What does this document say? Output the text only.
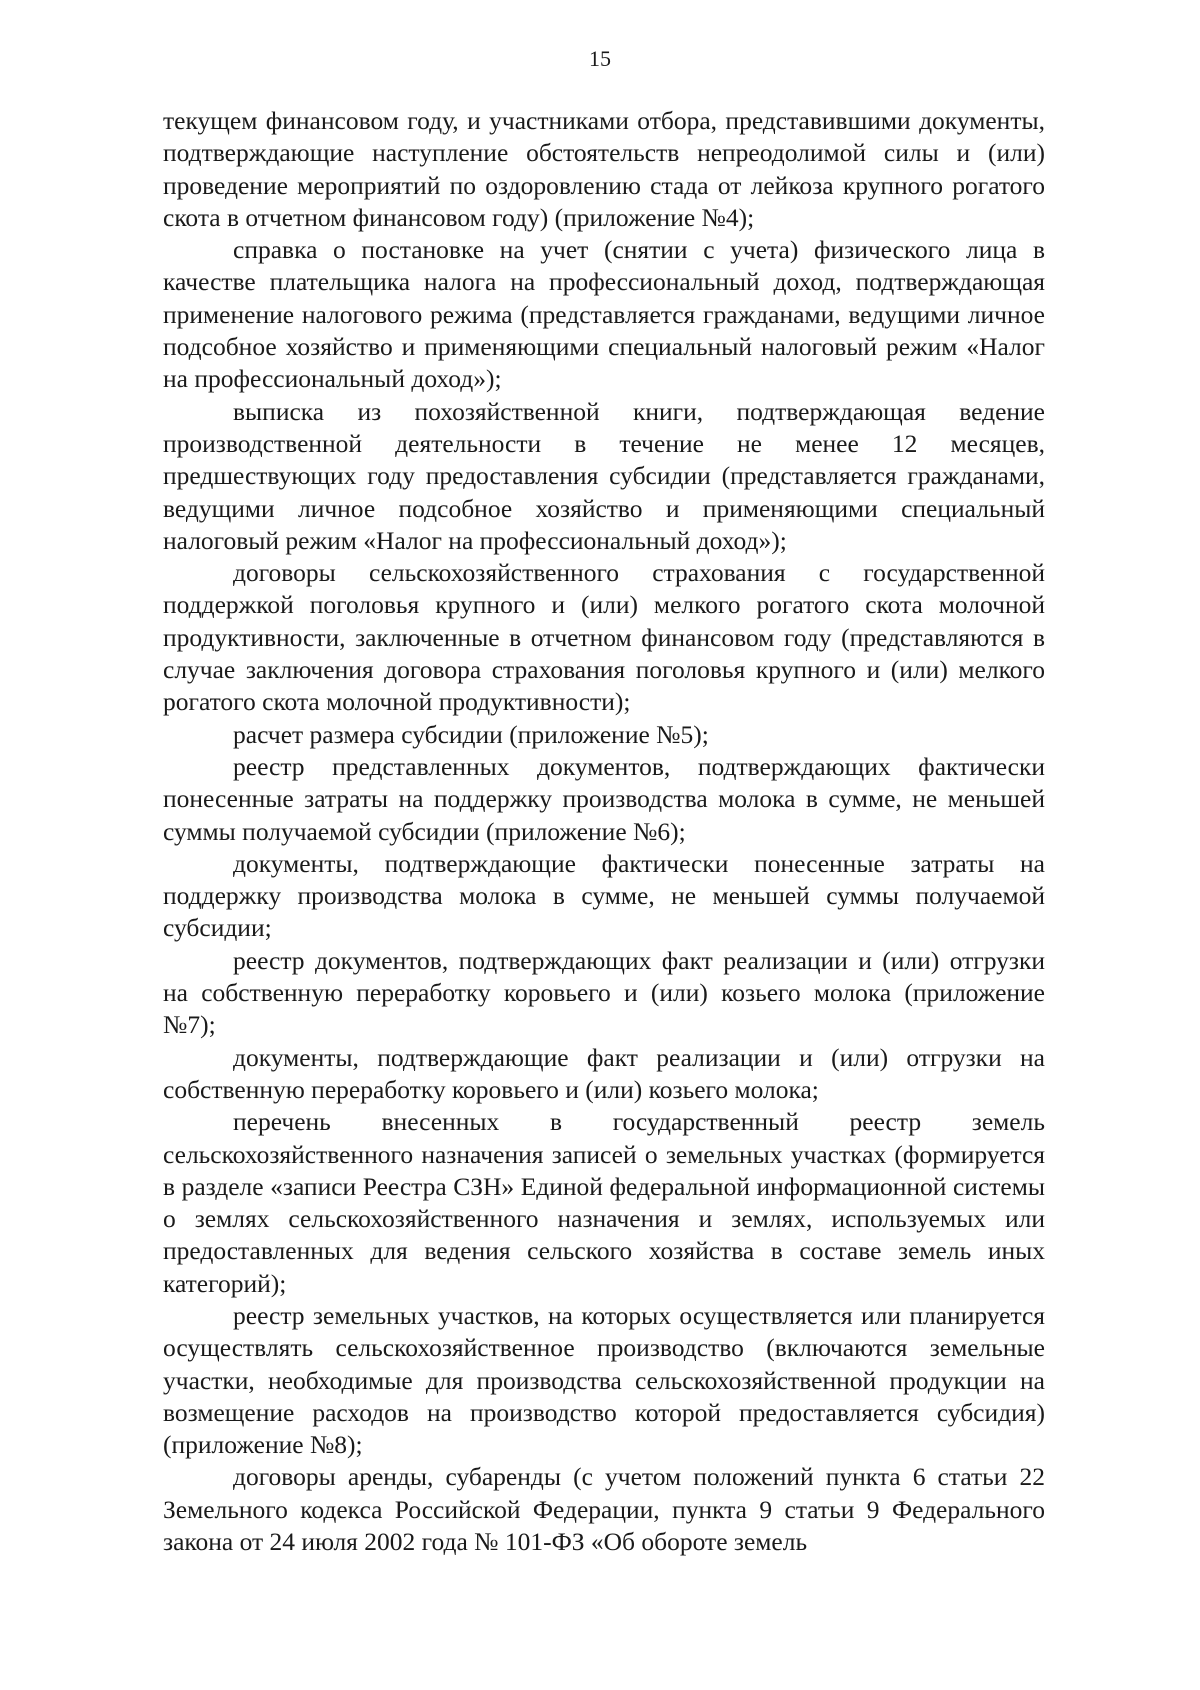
15

текущем финансовом году, и участниками отбора, представившими документы, подтверждающие наступление обстоятельств непреодолимой силы и (или) проведение мероприятий по оздоровлению стада от лейкоза крупного рогатого скота в отчетном финансовом году) (приложение №4);

справка о постановке на учет (снятии с учета) физического лица в качестве плательщика налога на профессиональный доход, подтверждающая применение налогового режима (представляется гражданами, ведущими личное подсобное хозяйство и применяющими специальный налоговый режим «Налог на профессиональный доход»);

выписка из похозяйственной книги, подтверждающая ведение производственной деятельности в течение не менее 12 месяцев, предшествующих году предоставления субсидии (представляется гражданами, ведущими личное подсобное хозяйство и применяющими специальный налоговый режим «Налог на профессиональный доход»);

договоры сельскохозяйственного страхования с государственной поддержкой поголовья крупного и (или) мелкого рогатого скота молочной продуктивности, заключенные в отчетном финансовом году (представляются в случае заключения договора страхования поголовья крупного и (или) мелкого рогатого скота молочной продуктивности);

расчет размера субсидии (приложение №5);

реестр представленных документов, подтверждающих фактически понесенные затраты на поддержку производства молока в сумме, не меньшей суммы получаемой субсидии (приложение №6);

документы, подтверждающие фактически понесенные затраты на поддержку производства молока в сумме, не меньшей суммы получаемой субсидии;

реестр документов, подтверждающих факт реализации и (или) отгрузки на собственную переработку коровьего и (или) козьего молока (приложение №7);

документы, подтверждающие факт реализации и (или) отгрузки на собственную переработку коровьего и (или) козьего молока;

перечень внесенных в государственный реестр земель сельскохозяйственного назначения записей о земельных участках (формируется в разделе «записи Реестра СЗН» Единой федеральной информационной системы о землях сельскохозяйственного назначения и землях, используемых или предоставленных для ведения сельского хозяйства в составе земель иных категорий);

реестр земельных участков, на которых осуществляется или планируется осуществлять сельскохозяйственное производство (включаются земельные участки, необходимые для производства сельскохозяйственной продукции на возмещение расходов на производство которой предоставляется субсидия) (приложение №8);

договоры аренды, субаренды (с учетом положений пункта 6 статьи 22 Земельного кодекса Российской Федерации, пункта 9 статьи 9 Федерального закона от 24 июля 2002 года № 101-ФЗ «Об обороте земель
